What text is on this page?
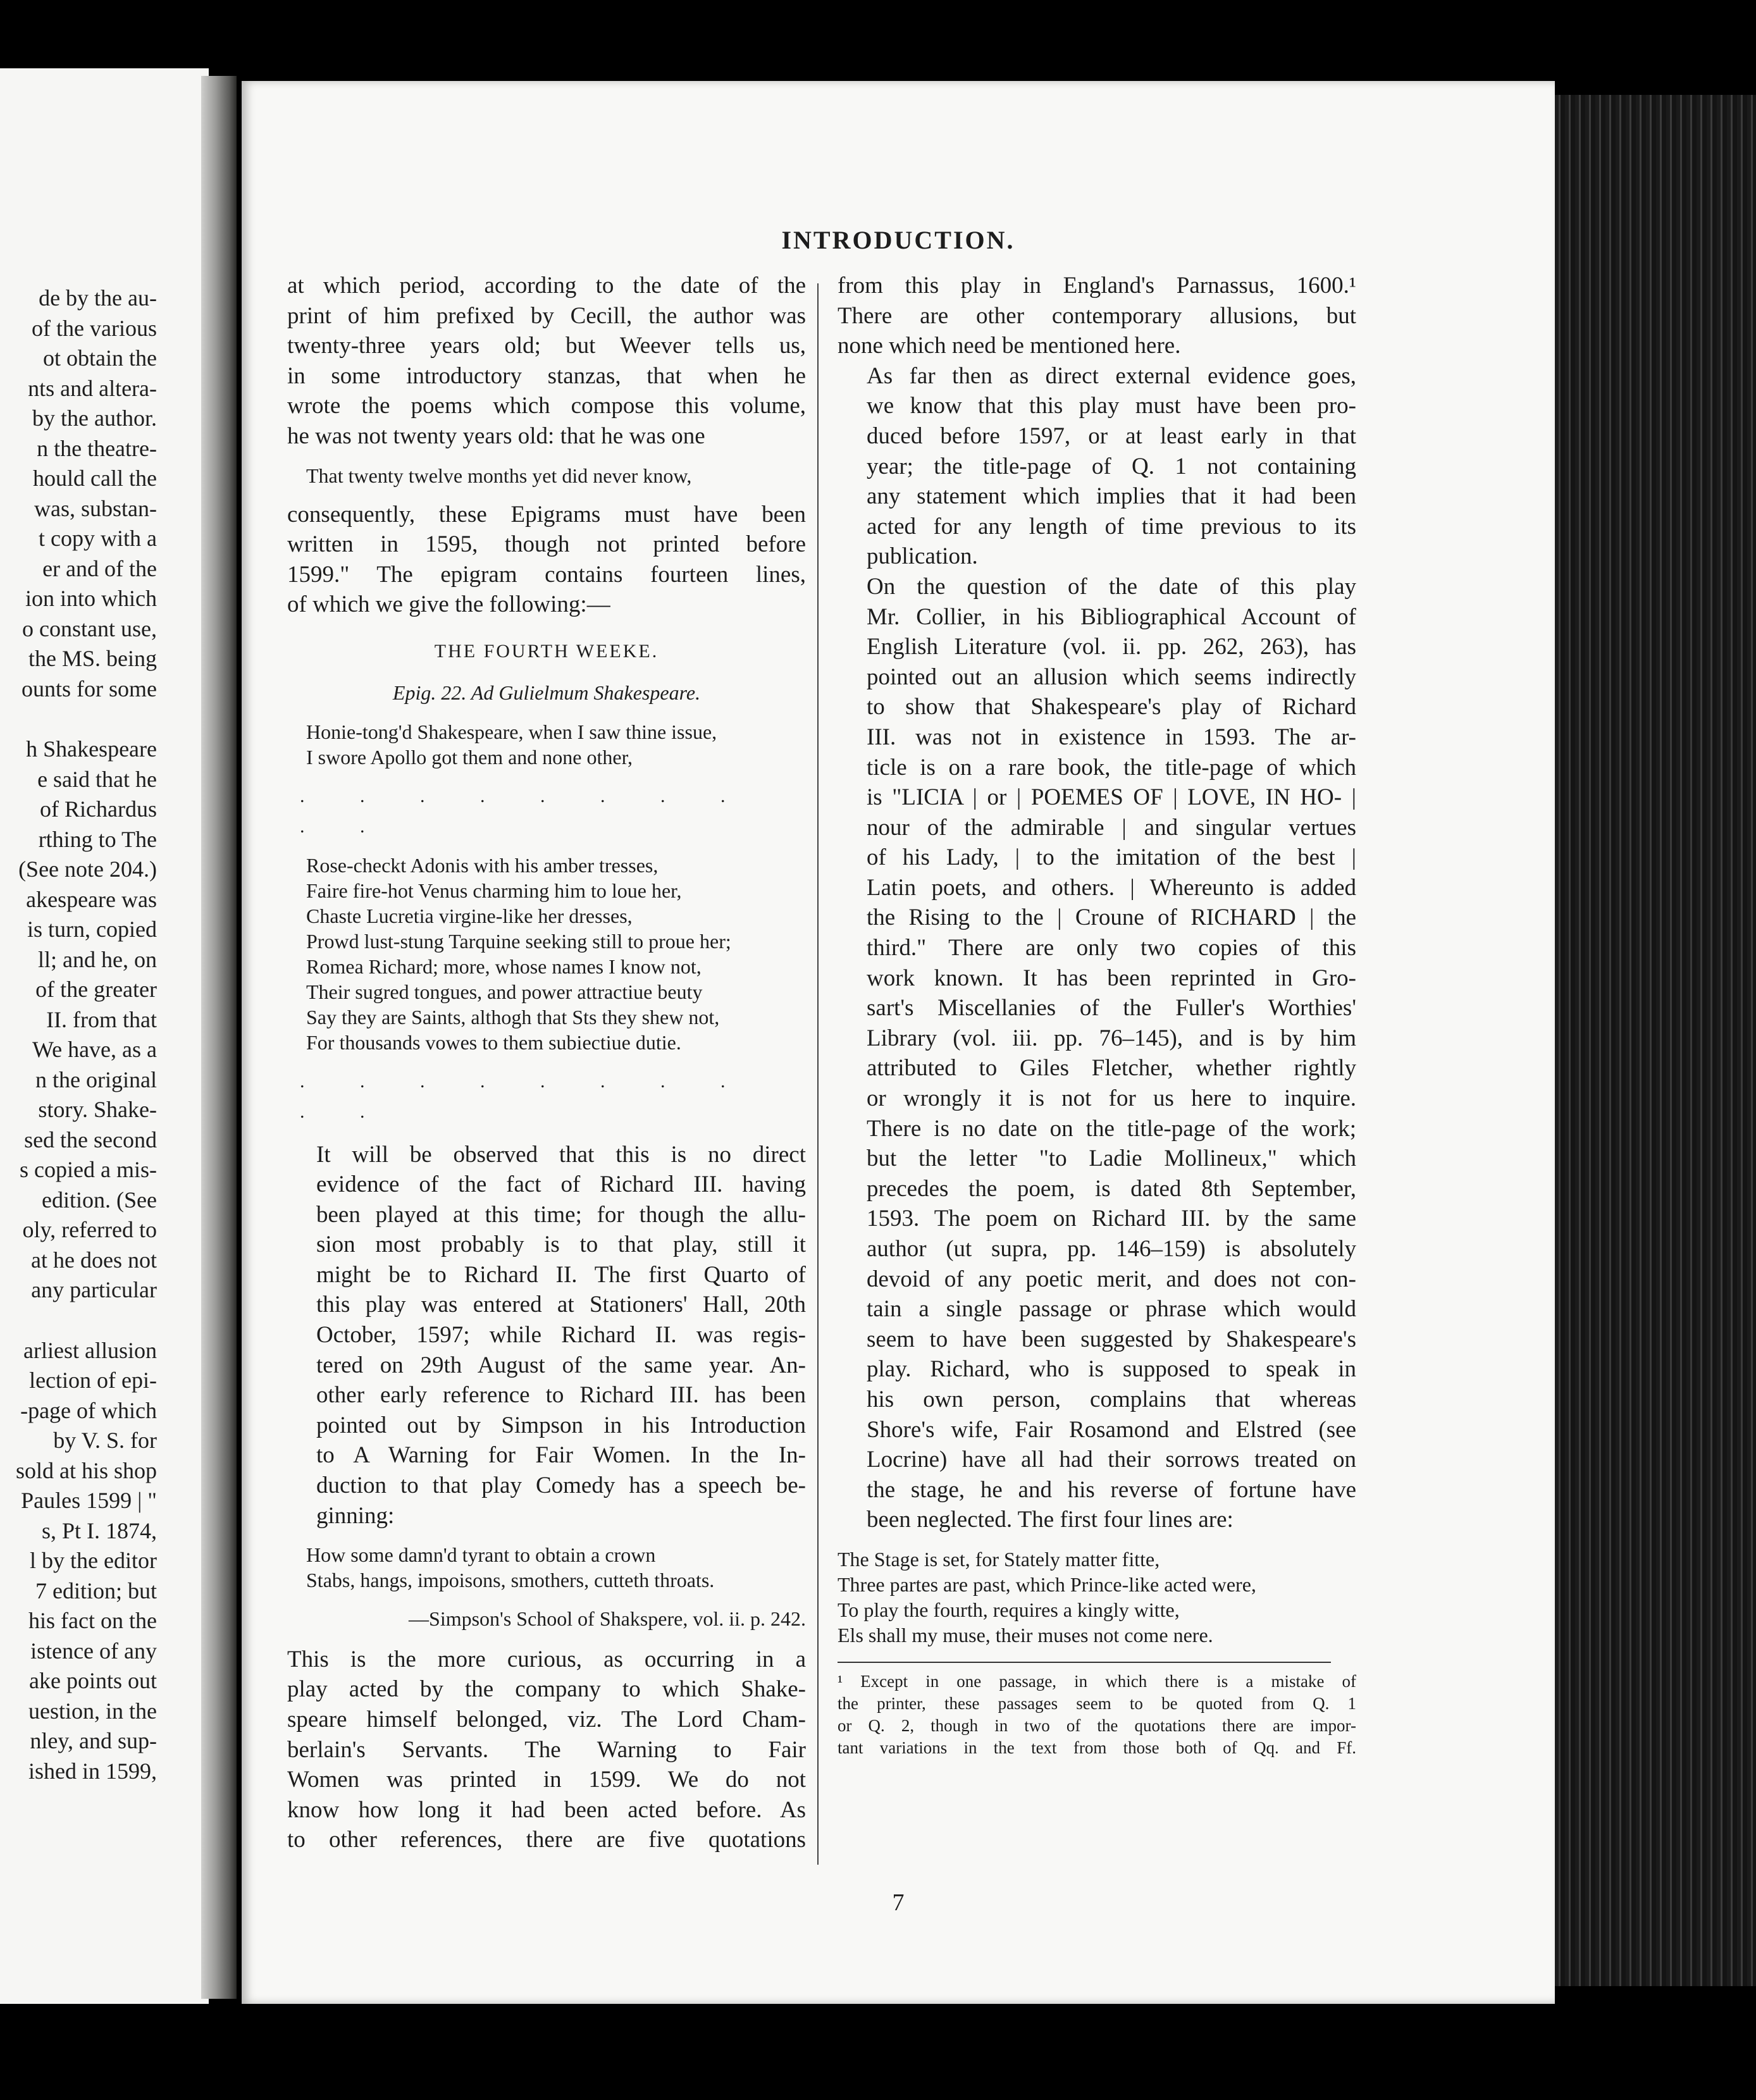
de by the au-
of the various
ot obtain the
nts and altera-
by the author.
n the theatre-
hould call the
was, substan-
t copy with a
er and of the
ion into which
o constant use,
the MS. being
ounts for some
h Shakespeare
e said that he
of Richardus
rthing to The
(See note 204.)
akespeare was
is turn, copied
ll; and he, on
of the greater
II. from that
We have, as a
n the original
story. Shake-
sed the second
s copied a mis-
edition. (See
oly, referred to
at he does not
any particular
arliest allusion
lection of epi-
-page of which
by V. S. for
sold at his shop
Paules 1599 | "
s, Pt I. 1874,
l by the editor
7 edition; but
his fact on the
istence of any
ake points out
uestion, in the
nley, and sup-
ished in 1599,
INTRODUCTION.
at which period, according to the date of the
print of him prefixed by Cecill, the author was
twenty-three years old; but Weever tells us,
in some introductory stanzas, that when he
wrote the poems which compose this volume,
he was not twenty years old: that he was one
That twenty twelve months yet did never know,
consequently, these Epigrams must have been
written in 1595, though not printed before
1599." The epigram contains fourteen lines,
of which we give the following:—
THE FOURTH WEEKE.
Epig. 22. Ad Gulielmum Shakespeare.
Honie-tong'd Shakespeare, when I saw thine issue,
I swore Apollo got them and none other,
. . . . . . . . . .
Rose-checkt Adonis with his amber tresses,
Faire fire-hot Venus charming him to loue her,
Chaste Lucretia virgine-like her dresses,
Prowd lust-stung Tarquine seeking still to proue her;
Romea Richard; more, whose names I know not,
Their sugred tongues, and power attractiue beuty
Say they are Saints, althogh that Sts they shew not,
For thousands vowes to them subiectiue dutie.
. . . . . . . . . .
It will be observed that this is no direct
evidence of the fact of Richard III. having
been played at this time; for though the allu-
sion most probably is to that play, still it
might be to Richard II. The first Quarto of
this play was entered at Stationers' Hall, 20th
October, 1597; while Richard II. was regis-
tered on 29th August of the same year. An-
other early reference to Richard III. has been
pointed out by Simpson in his Introduction
to A Warning for Fair Women. In the In-
duction to that play Comedy has a speech be-
ginning:
How some damn'd tyrant to obtain a crown
Stabs, hangs, impoisons, smothers, cutteth throats.
—Simpson's School of Shakspere, vol. ii. p. 242.
This is the more curious, as occurring in a
play acted by the company to which Shake-
speare himself belonged, viz. The Lord Cham-
berlain's Servants. The Warning to Fair
Women was printed in 1599. We do not
know how long it had been acted before. As
to other references, there are five quotations
from this play in England's Parnassus, 1600.¹
There are other contemporary allusions, but
none which need be mentioned here.
As far then as direct external evidence goes,
we know that this play must have been pro-
duced before 1597, or at least early in that
year; the title-page of Q. 1 not containing
any statement which implies that it had been
acted for any length of time previous to its
publication.
On the question of the date of this play
Mr. Collier, in his Bibliographical Account of
English Literature (vol. ii. pp. 262, 263), has
pointed out an allusion which seems indirectly
to show that Shakespeare's play of Richard
III. was not in existence in 1593. The ar-
ticle is on a rare book, the title-page of which
is "LICIA | or | POEMES OF | LOVE, IN HO- |
nour of the admirable | and singular vertues
of his Lady, | to the imitation of the best |
Latin poets, and others. | Whereunto is added
the Rising to the | Croune of RICHARD | the
third." There are only two copies of this
work known. It has been reprinted in Gro-
sart's Miscellanies of the Fuller's Worthies'
Library (vol. iii. pp. 76–145), and is by him
attributed to Giles Fletcher, whether rightly
or wrongly it is not for us here to inquire.
There is no date on the title-page of the work;
but the letter "to Ladie Mollineux," which
precedes the poem, is dated 8th September,
1593. The poem on Richard III. by the same
author (ut supra, pp. 146–159) is absolutely
devoid of any poetic merit, and does not con-
tain a single passage or phrase which would
seem to have been suggested by Shakespeare's
play. Richard, who is supposed to speak in
his own person, complains that whereas
Shore's wife, Fair Rosamond and Elstred (see
Locrine) have all had their sorrows treated on
the stage, he and his reverse of fortune have
been neglected. The first four lines are:
The Stage is set, for Stately matter fitte,
Three partes are past, which Prince-like acted were,
To play the fourth, requires a kingly witte,
Els shall my muse, their muses not come nere.
¹ Except in one passage, in which there is a mistake of
the printer, these passages seem to be quoted from Q. 1
or Q. 2, though in two of the quotations there are impor-
tant variations in the text from those both of Qq. and Ff.
7
